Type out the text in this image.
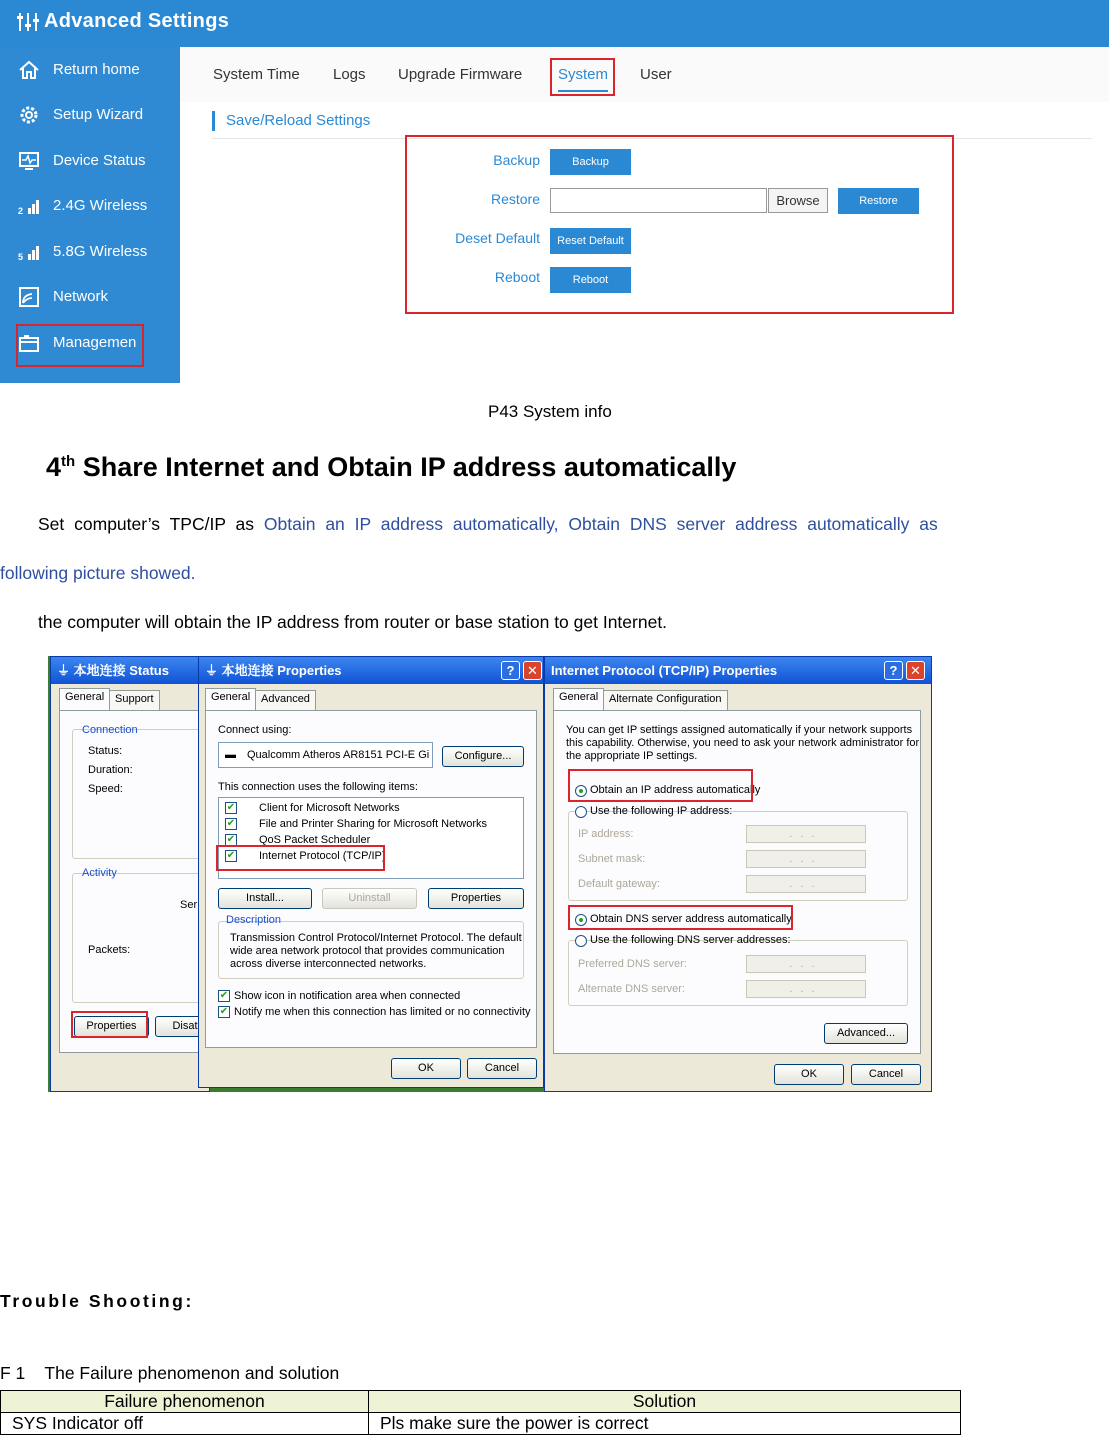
Advanced Settings
Return home
Setup Wizard
Device Status
2 2.4G Wireless
5 5.8G Wireless
Network
Managemen
System Time Logs Upgrade Firmware System User
Save/Reload Settings
Backup	Backup
Restore	Browse	Restore
Deset Default	Reset Default
Reboot	Reboot
P43 System info
4th Share Internet and Obtain IP address automatically
Set computer’s TPC/IP as Obtain an IP address automatically, Obtain DNS server address automatically as
following picture showed.
the computer will obtain the IP address from router or base station to get Internet.
⏚ 本地连接 Status
General Support
Connection
Status:
Duration:
Speed:
Activity
Ser
Packets:
Properties	Disat
⏚ 本地连接 Properties	? ✕
General Advanced
Connect using:
▬ Qualcomm Atheros AR8151 PCI-E Gi	Configure...
This connection uses the following items:
✔ Client for Microsoft Networks
✔ File and Printer Sharing for Microsoft Networks
✔ QoS Packet Scheduler
✔ Internet Protocol (TCP/IP)
Install...	Uninstall	Properties
Description
Transmission Control Protocol/Internet Protocol. The default
wide area network protocol that provides communication
across diverse interconnected networks.
✔ Show icon in notification area when connected
✔ Notify me when this connection has limited or no connectivity
OK	Cancel
Internet Protocol (TCP/IP) Properties	? ✕
General Alternate Configuration
You can get IP settings assigned automatically if your network supports
this capability. Otherwise, you need to ask your network administrator for
the appropriate IP settings.
Obtain an IP address automatically
Use the following IP address:
IP address:	...
Subnet mask:	...
Default gateway:	...
Obtain DNS server address automatically
Use the following DNS server addresses:
Preferred DNS server:	...
Alternate DNS server:	...
Advanced...
OK	Cancel
Trouble Shooting:
F 1    The Failure phenomenon and solution
Failure phenomenon	Solution
SYS Indicator off	Pls make sure the power is correct
